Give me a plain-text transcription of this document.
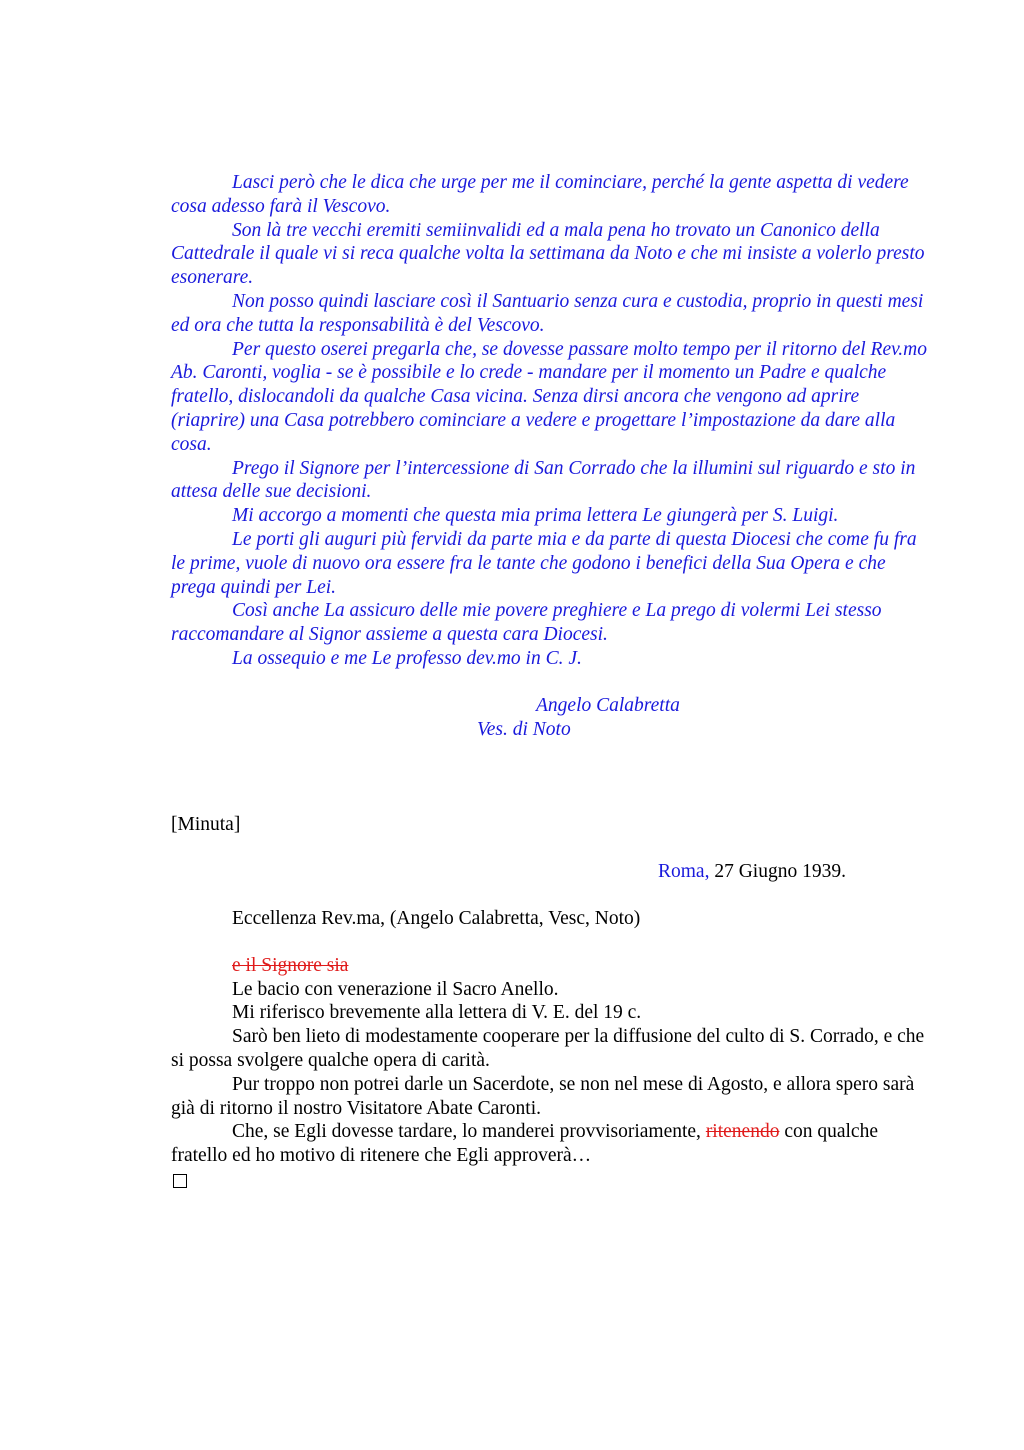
Lasci però che le dica che urge per me il cominciare, perché la gente aspetta di vedere cosa adesso farà il Vescovo.

Son là tre vecchi eremiti semiinvalidi ed a mala pena ho trovato un Canonico della Cattedrale il quale vi si reca qualche volta la settimana da Noto e che mi insiste a volerlo presto esonerare.

Non posso quindi lasciare così il Santuario senza cura e custodia, proprio in questi mesi ed ora che tutta la responsabilità è del Vescovo.

Per questo oserei pregarla che, se dovesse passare molto tempo per il ritorno del Rev.mo Ab. Caronti, voglia - se è possibile e lo crede - mandare per il momento un Padre e qualche fratello, dislocandoli da qualche Casa vicina. Senza dirsi ancora che vengono ad aprire (riaprire) una Casa potrebbero cominciare a vedere e progettare l’impostazione da dare alla cosa.

Prego il Signore per l’intercessione di San Corrado che la illumini sul riguardo e sto in attesa delle sue decisioni.

Mi accorgo a momenti che questa mia prima lettera Le giungerà per S. Luigi.

Le porti gli auguri più fervidi da parte mia e da parte di questa Diocesi che come fu fra le prime, vuole di nuovo ora essere fra le tante che godono i benefici della Sua Opera e che prega quindi per Lei.

Così anche La assicuro delle mie povere preghiere e La prego di volermi Lei stesso raccomandare al Signor assieme a questa cara Diocesi.

La ossequio e me Le professo dev.mo in C. J.

Angelo Calabretta
Ves. di Noto
[Minuta]
Roma, 27 Giugno 1939.

Eccellenza Rev.ma, (Angelo Calabretta, Vesc, Noto)

e il Signore sia

Le bacio con venerazione il Sacro Anello.

Mi riferisco brevemente alla lettera di V. E. del 19 c.

Sarò ben lieto di modestamente cooperare per la diffusione del culto di S. Corrado, e che si possa svolgere qualche opera di carità.

Pur troppo non potrei darle un Sacerdote, se non nel mese di Agosto, e allora spero sarà già di ritorno il nostro Visitatore Abate Caronti.

Che, se Egli dovesse tardare, lo manderei provvisoriamente, ritenendo con qualche fratello ed ho motivo di ritenere che Egli approverà…
